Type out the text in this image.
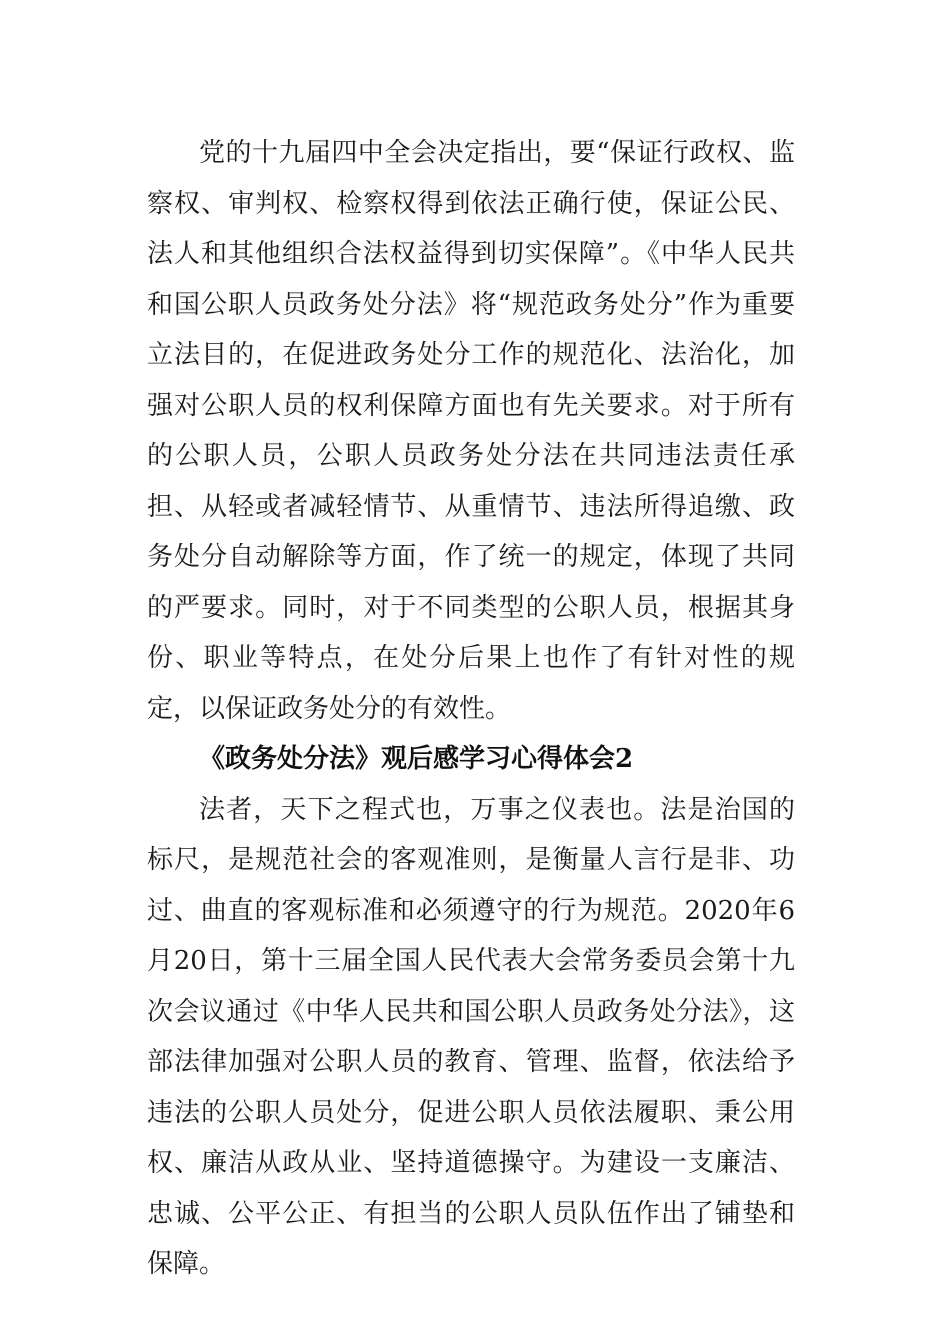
党的十九届四中全会决定指出，要“保证行政权、监察权、审判权、检察权得到依法正确行使，保证公民、法人和其他组织合法权益得到切实保障”。《中华人民共和国公职人员政务处分法》将“规范政务处分”作为重要立法目的，在促进政务处分工作的规范化、法治化，加强对公职人员的权利保障方面也有先关要求。对于所有的公职人员，公职人员政务处分法在共同违法责任承担、从轻或者减轻情节、从重情节、违法所得追缴、政务处分自动解除等方面，作了统一的规定，体现了共同的严要求。同时，对于不同类型的公职人员，根据其身份、职业等特点，在处分后果上也作了有针对性的规定，以保证政务处分的有效性。

《政务处分法》观后感学习心得体会2

法者，天下之程式也，万事之仪表也。法是治国的标尺，是规范社会的客观准则，是衡量人言行是非、功过、曲直的客观标准和必须遵守的行为规范。2020年6月20日，第十三届全国人民代表大会常务委员会第十九次会议通过《中华人民共和国公职人员政务处分法》，这部法律加强对公职人员的教育、管理、监督，依法给予违法的公职人员处分，促进公职人员依法履职、秉公用权、廉洁从政从业、坚持道德操守。为建设一支廉洁、忠诚、公平公正、有担当的公职人员队伍作出了铺垫和保障。
